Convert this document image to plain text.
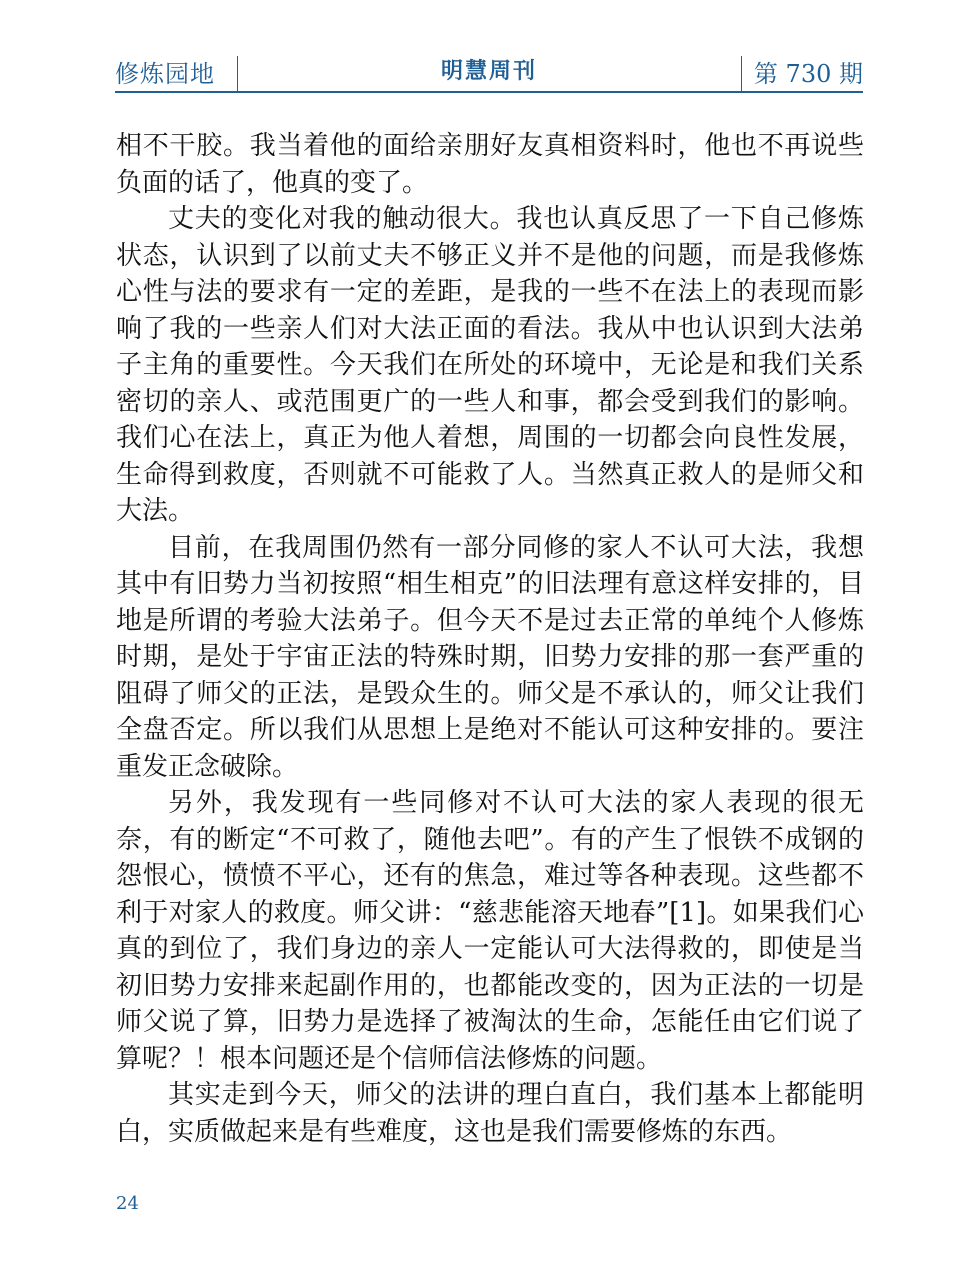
修炼园地	明慧周刊	第 730 期

相不干胶。我当着他的面给亲朋好友真相资料时，他也不再说些负面的话了，他真的变了。

丈夫的变化对我的触动很大。我也认真反思了一下自己修炼状态，认识到了以前丈夫不够正义并不是他的问题，而是我修炼心性与法的要求有一定的差距，是我的一些不在法上的表现而影响了我的一些亲人们对大法正面的看法。我从中也认识到大法弟子主角的重要性。今天我们在所处的环境中，无论是和我们关系密切的亲人、或范围更广的一些人和事，都会受到我们的影响。我们心在法上，真正为他人着想，周围的一切都会向良性发展，生命得到救度，否则就不可能救了人。当然真正救人的是师父和大法。

目前，在我周围仍然有一部分同修的家人不认可大法，我想其中有旧势力当初按照“相生相克”的旧法理有意这样安排的，目地是所谓的考验大法弟子。但今天不是过去正常的单纯个人修炼时期，是处于宇宙正法的特殊时期，旧势力安排的那一套严重的阻碍了师父的正法，是毁众生的。师父是不承认的，师父让我们全盘否定。所以我们从思想上是绝对不能认可这种安排的。要注重发正念破除。

另外，我发现有一些同修对不认可大法的家人表现的很无奈，有的断定“不可救了，随他去吧”。有的产生了恨铁不成钢的怨恨心，愤愤不平心，还有的焦急，难过等各种表现。这些都不利于对家人的救度。师父讲：“慈悲能溶天地春”[1]。如果我们心真的到位了，我们身边的亲人一定能认可大法得救的，即使是当初旧势力安排来起副作用的，也都能改变的，因为正法的一切是师父说了算，旧势力是选择了被淘汰的生命，怎能任由它们说了算呢？！根本问题还是个信师信法修炼的问题。

其实走到今天，师父的法讲的理白直白，我们基本上都能明白，实质做起来是有些难度，这也是我们需要修炼的东西。

24
